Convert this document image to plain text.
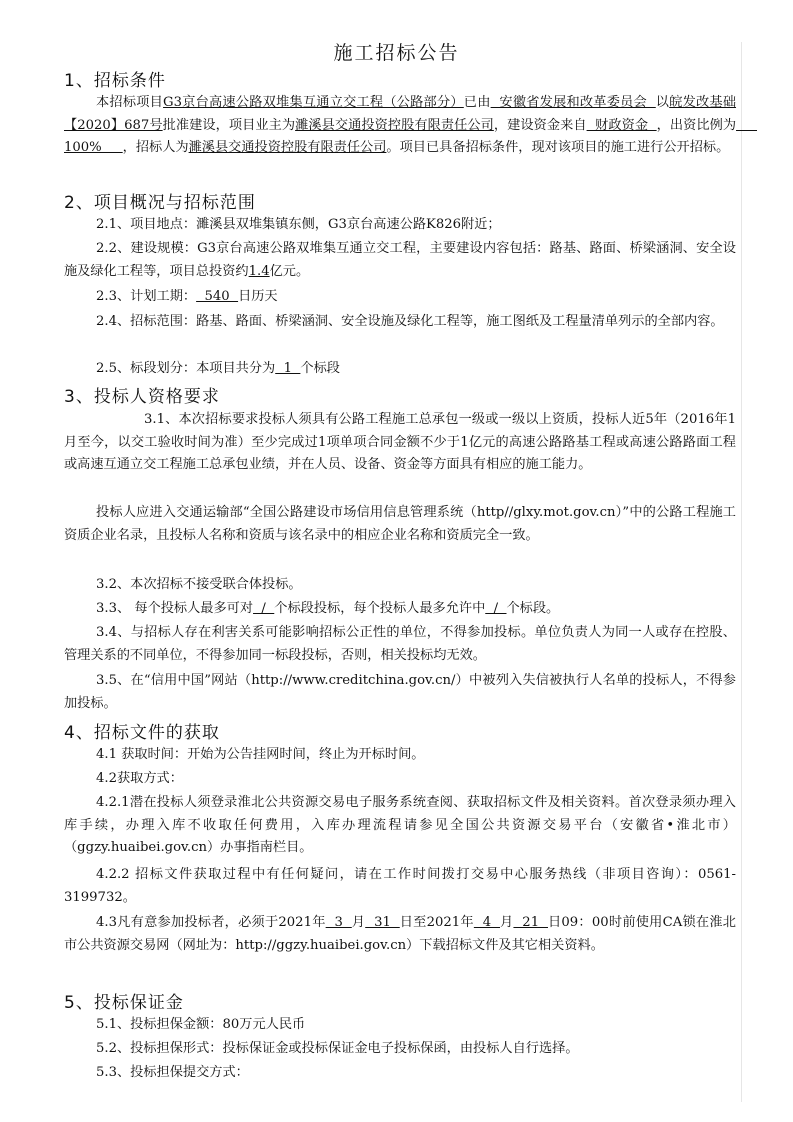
施工招标公告
1、招标条件
本招标项目G3京台高速公路双堆集互通立交工程（公路部分）已由  安徽省发展和改革委员会  以皖发改基础【2020】687号批准建设，项目业主为濉溪县交通投资控股有限责任公司，建设资金来自  财政资金  ，出资比例为     100%     ，招标人为濉溪县交通投资控股有限责任公司。项目已具备招标条件，现对该项目的施工进行公开招标。
2、项目概况与招标范围
2.1、项目地点：濉溪县双堆集镇东侧，G3京台高速公路K826附近；
2.2、建设规模：G3京台高速公路双堆集互通立交工程，主要建设内容包括：路基、路面、桥梁涵洞、安全设施及绿化工程等，项目总投资约1.4亿元。
2.3、计划工期：  540  日历天
2.4、招标范围：路基、路面、桥梁涵洞、安全设施及绿化工程等，施工图纸及工程量清单列示的全部内容。
2.5、标段划分：本项目共分为  1  个标段
3、投标人资格要求
3.1、本次招标要求投标人须具有公路工程施工总承包一级或一级以上资质，投标人近5年（2016年1月至今，以交工验收时间为准）至少完成过1项单项合同金额不少于1亿元的高速公路路基工程或高速公路路面工程或高速互通立交工程施工总承包业绩，并在人员、设备、资金等方面具有相应的施工能力。
投标人应进入交通运输部“全国公路建设市场信用信息管理系统（http//glxy.mot.gov.cn）”中的公路工程施工资质企业名录，且投标人名称和资质与该名录中的相应企业名称和资质完全一致。
3.2、本次招标不接受联合体投标。
3.3、 每个投标人最多可对  /  个标段投标，每个投标人最多允许中  /  个标段。
3.4、与招标人存在利害关系可能影响招标公正性的单位，不得参加投标。单位负责人为同一人或存在控股、管理关系的不同单位，不得参加同一标段投标，否则，相关投标均无效。
3.5、在“信用中国”网站（http://www.creditchina.gov.cn/）中被列入失信被执行人名单的投标人，不得参加投标。
4、招标文件的获取
4.1 获取时间：开始为公告挂网时间，终止为开标时间。
4.2获取方式：
4.2.1潜在投标人须登录淮北公共资源交易电子服务系统查阅、获取招标文件及相关资料。首次登录须办理入库手续，办理入库不收取任何费用，入库办理流程请参见全国公共资源交易平台（安徽省•淮北市）（ggzy.huaibei.gov.cn）办事指南栏目。
4.2.2 招标文件获取过程中有任何疑问，请在工作时间拨打交易中心服务热线（非项目咨询）：0561-3199732。
4.3凡有意参加投标者，必须于2021年  3  月  31  日至2021年  4  月  21  日09：00时前使用CA锁在淮北市公共资源交易网（网址为：http://ggzy.huaibei.gov.cn）下载招标文件及其它相关资料。
5、投标保证金
5.1、投标担保金额：80万元人民币
5.2、投标担保形式：投标保证金或投标保证金电子投标保函，由投标人自行选择。
5.3、投标担保提交方式：
